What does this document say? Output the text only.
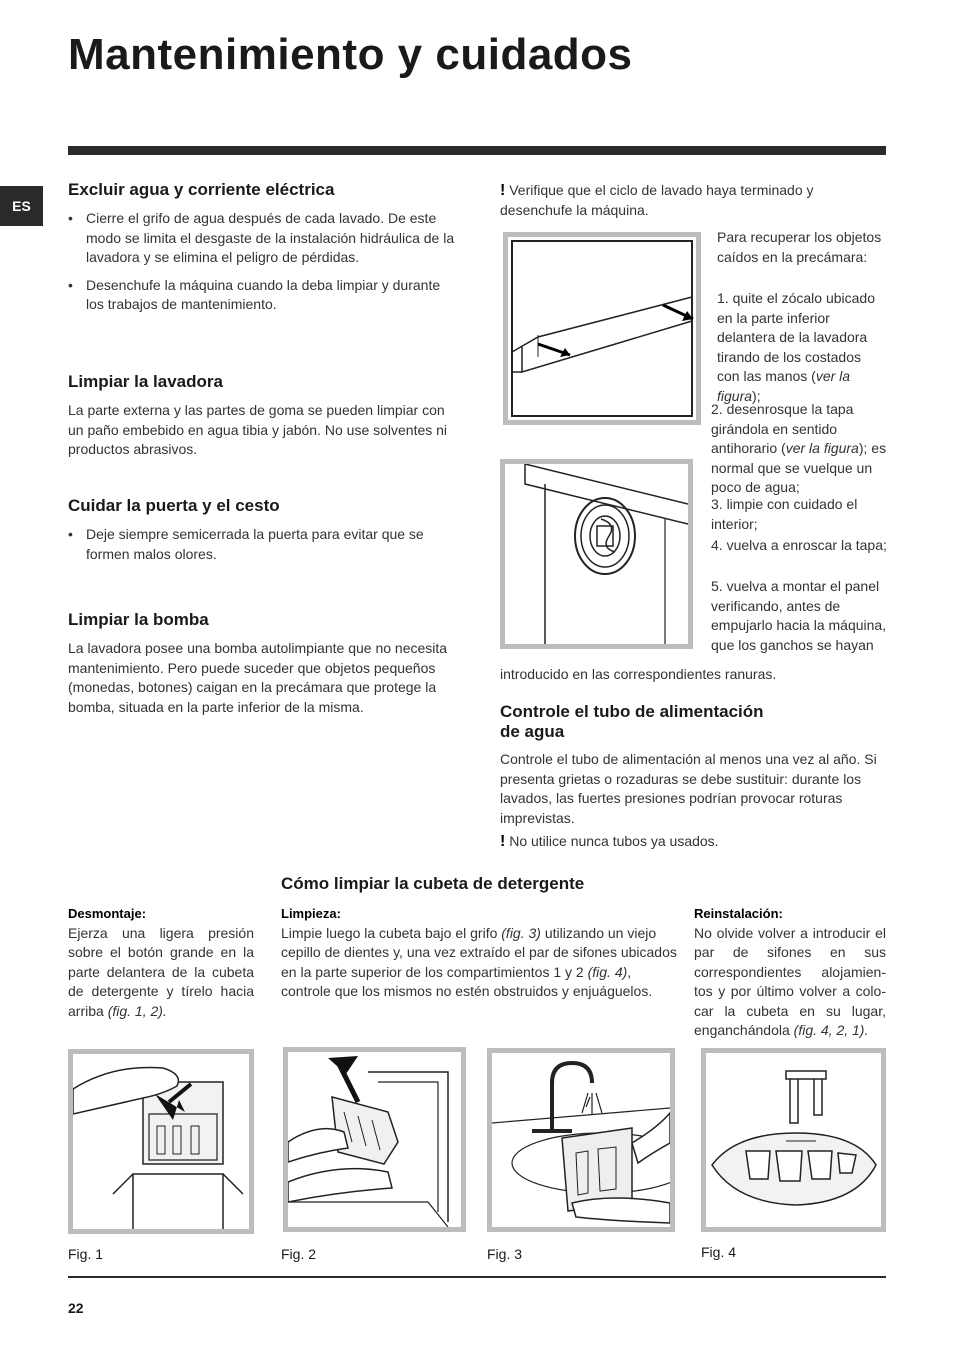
Mantenimiento y cuidados
ES
Excluir agua y corriente eléctrica
• Cierre el grifo de agua después de cada lavado. De este modo se limita el desgaste de la instalación hidráulica de la lavadora y se elimina el peligro de pérdidas.
• Desenchufe la máquina cuando la deba limpiar y durante los trabajos de mantenimiento.
Limpiar la lavadora

La parte externa y las partes de goma se pueden limpiar con un paño embebido en agua tibia y jabón. No use solventes ni productos abrasivos.

Cuidar la puerta y el cesto
• Deje siempre semicerrada la puerta para evitar que se formen malos olores.
Limpiar la bomba

La lavadora posee una bomba autolimpiante que no necesita mantenimiento. Pero puede suceder que objetos pequeños (monedas, botones) caigan en la precámara que protege la bomba, situada en la parte inferior de la misma.

! Verifique que el ciclo de lavado haya terminado y desenchufe la máquina.
Para recuperar los objetos caídos en la precámara:
1. quite el zócalo ubicado en la parte inferior delantera de la lavadora tirando de los costados con las manos (ver la figura);
2. desenrosque la tapa girándola en sentido antihorario (ver la figura); es normal que se vuelque un poco de agua;
3. limpie con cuidado el interior;
4. vuelva a enroscar la tapa;
5. vuelva a montar el panel verificando, antes de empujarlo hacia la máquina, que los ganchos se hayan
introducido en las correspondientes ranuras.
Controle el tubo de alimentación
de agua

Controle el tubo de alimentación al menos una vez al año. Si presenta grietas o rozaduras se debe sustituir: durante los lavados, las fuertes presiones podrían provocar roturas imprevistas.

! No utilice nunca tubos ya usados.
Cómo limpiar la cubeta de detergente
Desmontaje:
Ejerza una ligera presión sobre el botón grande en la parte delantera de la cubeta de detergente y tírelo hacia arriba (fig. 1, 2).
Limpieza:
Limpie luego la cubeta bajo el grifo (fig. 3) utilizando un viejo cepillo de dientes y, una vez extraído el par de sifones ubicados en la parte superior de los compartimientos 1 y 2 (fig. 4), controle que los mismos no estén obstruidos y enjuáguelos.
Reinstalación:
No olvide volver a introducir el par de sifones en sus correspondientes alojamien-tos y por último volver a colo-car la cubeta en su lugar, enganchándola (fig. 4, 2, 1).
Fig. 1	Fig. 2	Fig. 3	Fig. 4
22
